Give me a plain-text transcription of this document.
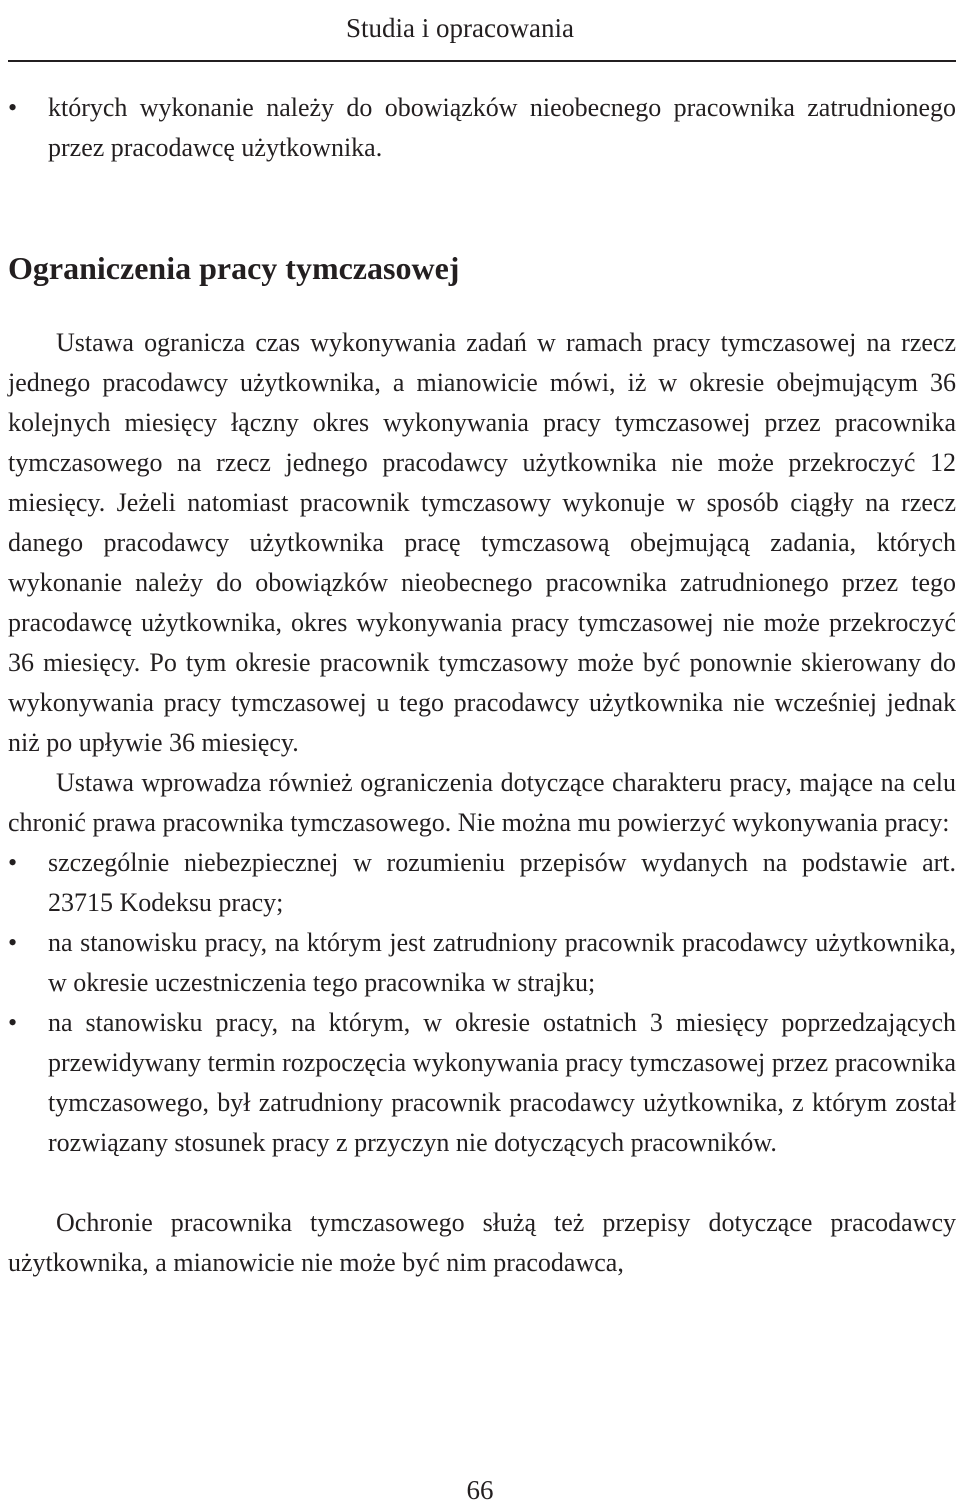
Studia i opracowania
• których wykonanie należy do obowiązków nieobecnego pracownika zatrudnionego przez pracodawcę użytkownika.
Ograniczenia pracy tymczasowej

Ustawa ogranicza czas wykonywania zadań w ramach pracy tymczasowej na rzecz jednego pracodawcy użytkownika, a mianowicie mówi, iż w okresie obejmującym 36 kolejnych miesięcy łączny okres wykonywania pracy tymczasowej przez pracownika tymczasowego na rzecz jednego pracodawcy użytkownika nie może przekroczyć 12 miesięcy. Jeżeli natomiast pracownik tymczasowy wykonuje w sposób ciągły na rzecz danego pracodawcy użytkownika pracę tymczasową obejmującą zadania, których wykonanie należy do obowiązków nieobecnego pracownika zatrudnionego przez tego pracodawcę użytkownika, okres wykonywania pracy tymczasowej nie może przekroczyć 36 miesięcy. Po tym okresie pracownik tymczasowy może być ponownie skierowany do wykonywania pracy tymczasowej u tego pracodawcy użytkownika nie wcześniej jednak niż po upływie 36 miesięcy.

Ustawa wprowadza również ograniczenia dotyczące charakteru pracy, mające na celu chronić prawa pracownika tymczasowego. Nie można mu powierzyć wykonywania pracy:

• szczególnie niebezpiecznej w rozumieniu przepisów wydanych na podstawie art. 23715 Kodeksu pracy;
• na stanowisku pracy, na którym jest zatrudniony pracownik pracodawcy użytkownika, w okresie uczestniczenia tego pracownika w strajku;
• na stanowisku pracy, na którym, w okresie ostatnich 3 miesięcy poprzedzających przewidywany termin rozpoczęcia wykonywania pracy tymczasowej przez pracownika tymczasowego, był zatrudniony pracownik pracodawcy użytkownika, z którym został rozwiązany stosunek pracy z przyczyn nie dotyczących pracowników.

Ochronie pracownika tymczasowego służą też przepisy dotyczące pracodawcy użytkownika, a mianowicie nie może być nim pracodawca,

66
